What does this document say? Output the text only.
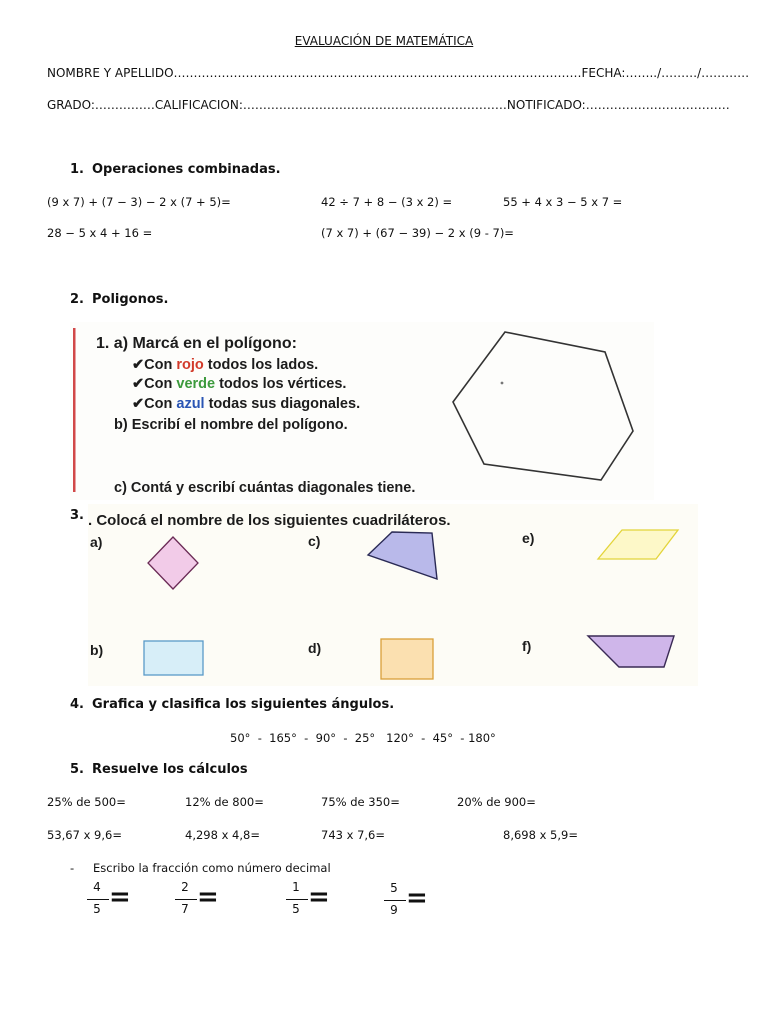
EVALUACIÓN DE MATEMÁTICA
NOMBRE Y APELLIDO…………………………………………………………………………………………FECHA:……../………/…………
GRADO:……………CALIFICACION:…………………………………………………………NOTIFICADO:………………………………
1. Operaciones combinadas.
(9 x 7) + (7 − 3) − 2 x (7 + 5)=	42 ÷ 7 + 8 − (3 x 2) =	55 + 4 x 3 − 5 x 7 =
28 − 5 x 4 + 16 =	(7 x 7) + (67 − 39) − 2 x (9 - 7)=
2. Poligonos.
1. a) Marcá en el polígono:
✔Con rojo todos los lados.
✔Con verde todos los vértices.
✔Con azul todas sus diagonales.
b) Escribí el nombre del polígono.
c) Contá y escribí cuántas diagonales tiene.
3. . Colocá el nombre de los siguientes cuadriláteros.
a)	c)	e)
b)	d)	f)
4. Grafica y clasifica los siguientes ángulos.
50°  -  165°  -  90°  -  25°   120°  -  45°  - 180°
5. Resuelve los cálculos
25% de 500=	12% de 800=	75% de 350=	20% de 900=
53,67 x 9,6=	4,298 x 4,8=	743 x 7,6=	8,698 x 5,9=
- Escribo la fracción como número decimal
4
5 =	2
7 =	1
5 =	5
9 =
